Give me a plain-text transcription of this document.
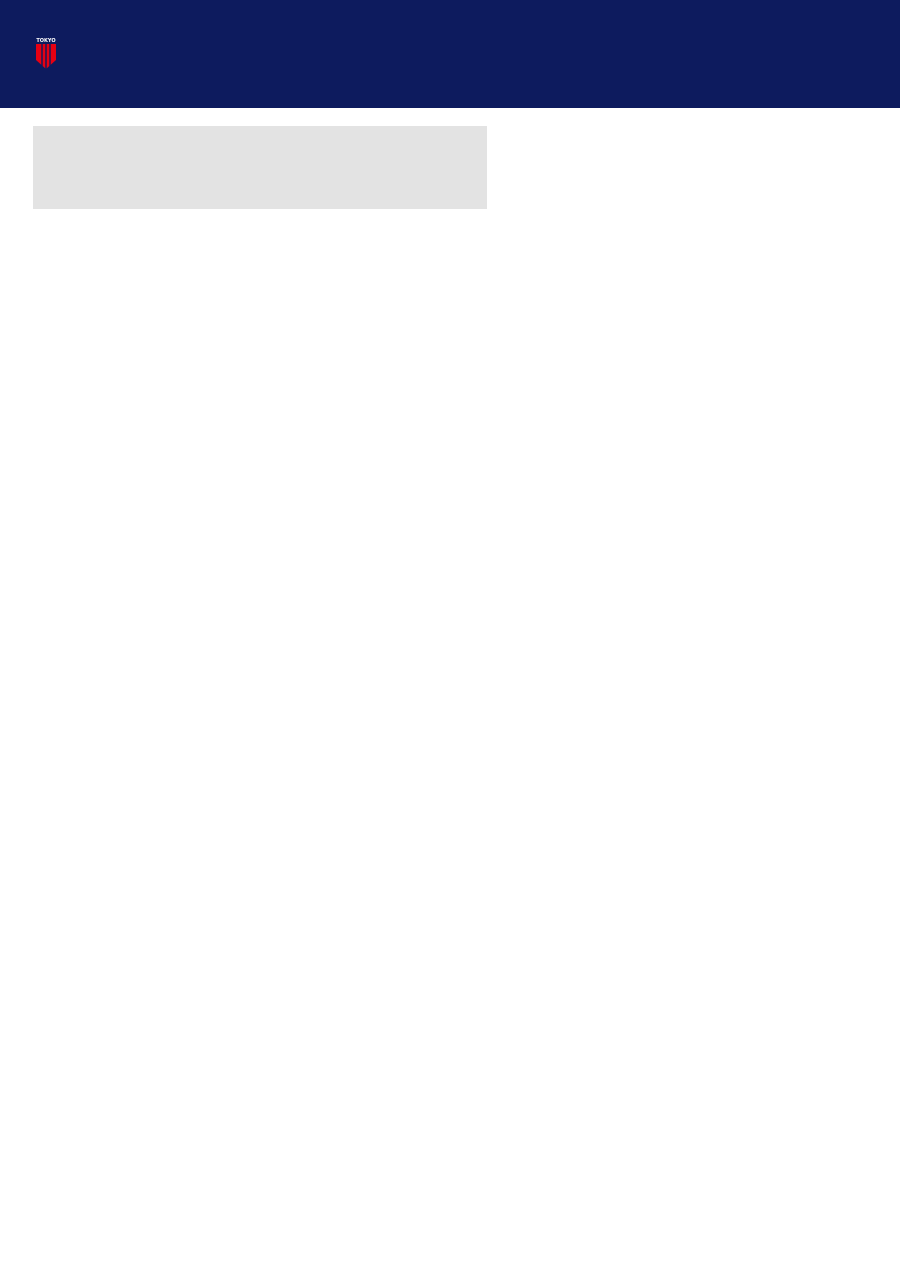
TOKYO
